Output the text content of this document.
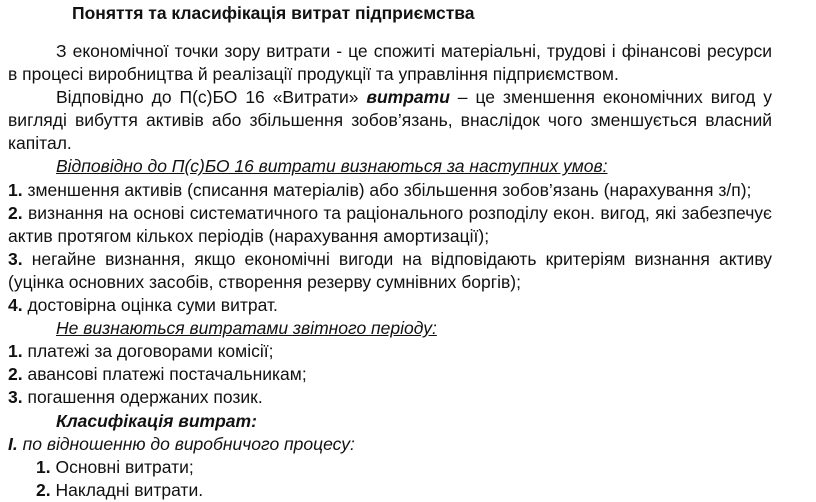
Поняття та класифікація витрат підприємства

З економічної точки зору витрати - це спожиті матеріальні, трудові і фінансові ресурси в процесі виробництва й реалізації продукції та управління підприємством.

Відповідно до П(с)БО 16 «Витрати» витрати – це зменшення економічних вигод у вигляді вибуття активів або збільшення зобов’язань, внаслідок чого зменшується власний капітал.

Відповідно до П(с)БО 16 витрати визнаються за наступних умов:

1. зменшення активів (списання матеріалів) або збільшення зобов’язань (нарахування з/п);

2. визнання на основі систематичного та раціонального розподілу екон. вигод, які забезпечує актив протягом кількох періодів (нарахування амортизації);

3. негайне визнання, якщо економічні вигоди на відповідають критеріям визнання активу (уцінка основних засобів, створення резерву сумнівних боргів);

4. достовірна оцінка суми витрат.

Не визнаються витратами звітного періоду:

1. платежі за договорами комісії;

2. авансові платежі постачальникам;

3. погашення одержаних позик.

Класифікація витрат:

І. по відношенню до виробничого процесу:

1. Основні витрати;

2. Накладні витрати.
